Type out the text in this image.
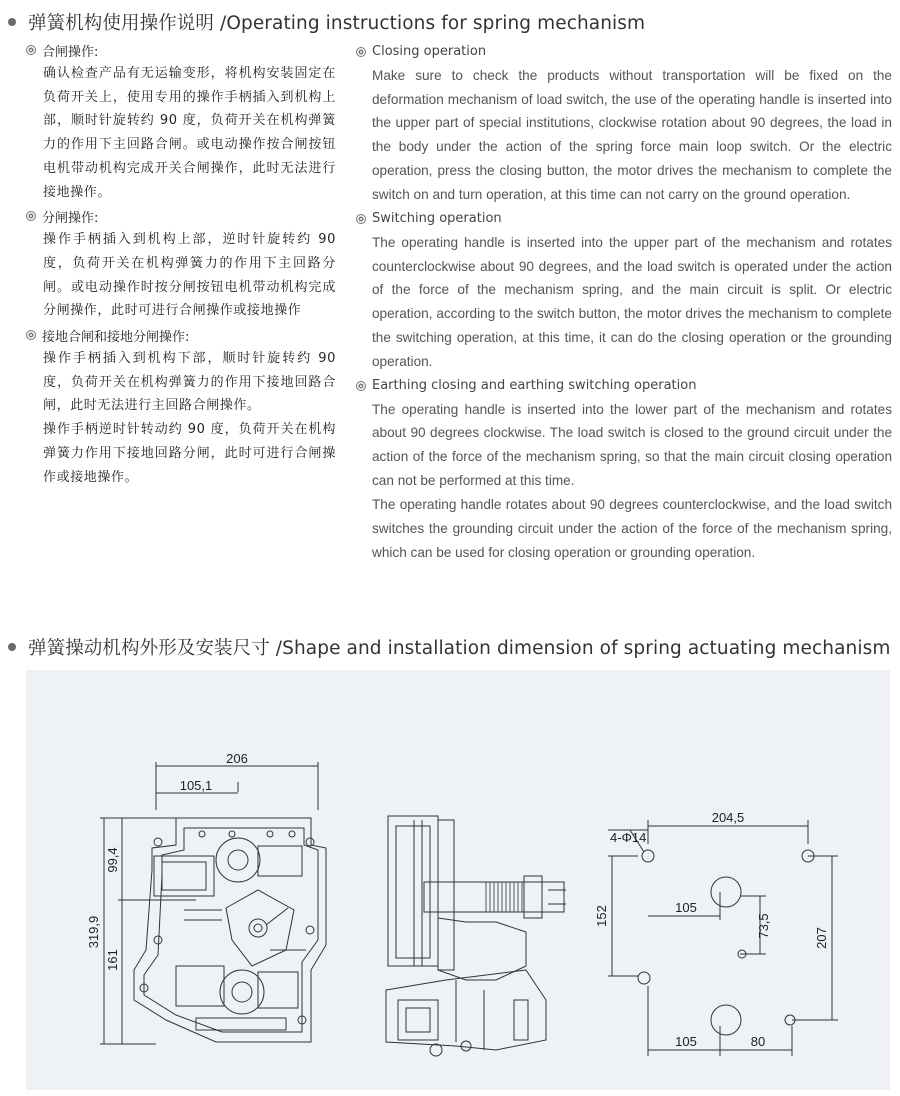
弹簧机构使用操作说明 /Operating instructions for spring mechanism
合闸操作:
确认检查产品有无运输变形，将机构安装固定在负荷开关上，使用专用的操作手柄插入到机构上部，顺时针旋转约 90 度，负荷开关在机构弹簧力的作用下主回路合闸。或电动操作按合闸按钮电机带动机构完成开关合闸操作，此时无法进行接地操作。
分闸操作:
操作手柄插入到机构上部，逆时针旋转约 90 度，负荷开关在机构弹簧力的作用下主回路分闸。或电动操作时按分闸按钮电机带动机构完成分闸操作，此时可进行合闸操作或接地操作
接地合闸和接地分闸操作:
操作手柄插入到机构下部，顺时针旋转约 90 度，负荷开关在机构弹簧力的作用下接地回路合闸，此时无法进行主回路合闸操作。
操作手柄逆时针转动约 90 度，负荷开关在机构弹簧力作用下接地回路分闸，此时可进行合闸操作或接地操作。
Closing operation
Make sure to check the products without transportation will be fixed on the deformation mechanism of load switch, the use of the operating handle is inserted into the upper part of special institutions, clockwise rotation about 90 degrees, the load in the body under the action of the spring force main loop switch. Or the electric operation, press the closing button, the motor drives the mechanism to complete the switch on and turn operation, at this time can not carry on the ground operation.
Switching operation
The operating handle is inserted into the upper part of the mechanism and rotates counterclockwise about 90 degrees, and the load switch is operated under the action of the force of the mechanism spring, and the main circuit is split. Or electric operation, according to the switch button, the motor drives the mechanism to complete the switching operation, at this time, it can do the closing operation or the grounding operation.
Earthing closing and earthing switching operation
The operating handle is inserted into the lower part of the mechanism and rotates about 90 degrees clockwise. The load switch is closed to the ground circuit under the action of the force of the mechanism spring, so that the main circuit closing operation can not be performed at this time.
The operating handle rotates about 90 degrees counterclockwise, and the load switch switches the grounding circuit under the action of the force of the mechanism spring, which can be used for closing operation or grounding operation.
弹簧操动机构外形及安装尺寸 /Shape and installation dimension of spring actuating mechanism
206
105,1
99,4
319,9
161
4-Φ14
204,5
152	105
73,5	207
105	80
